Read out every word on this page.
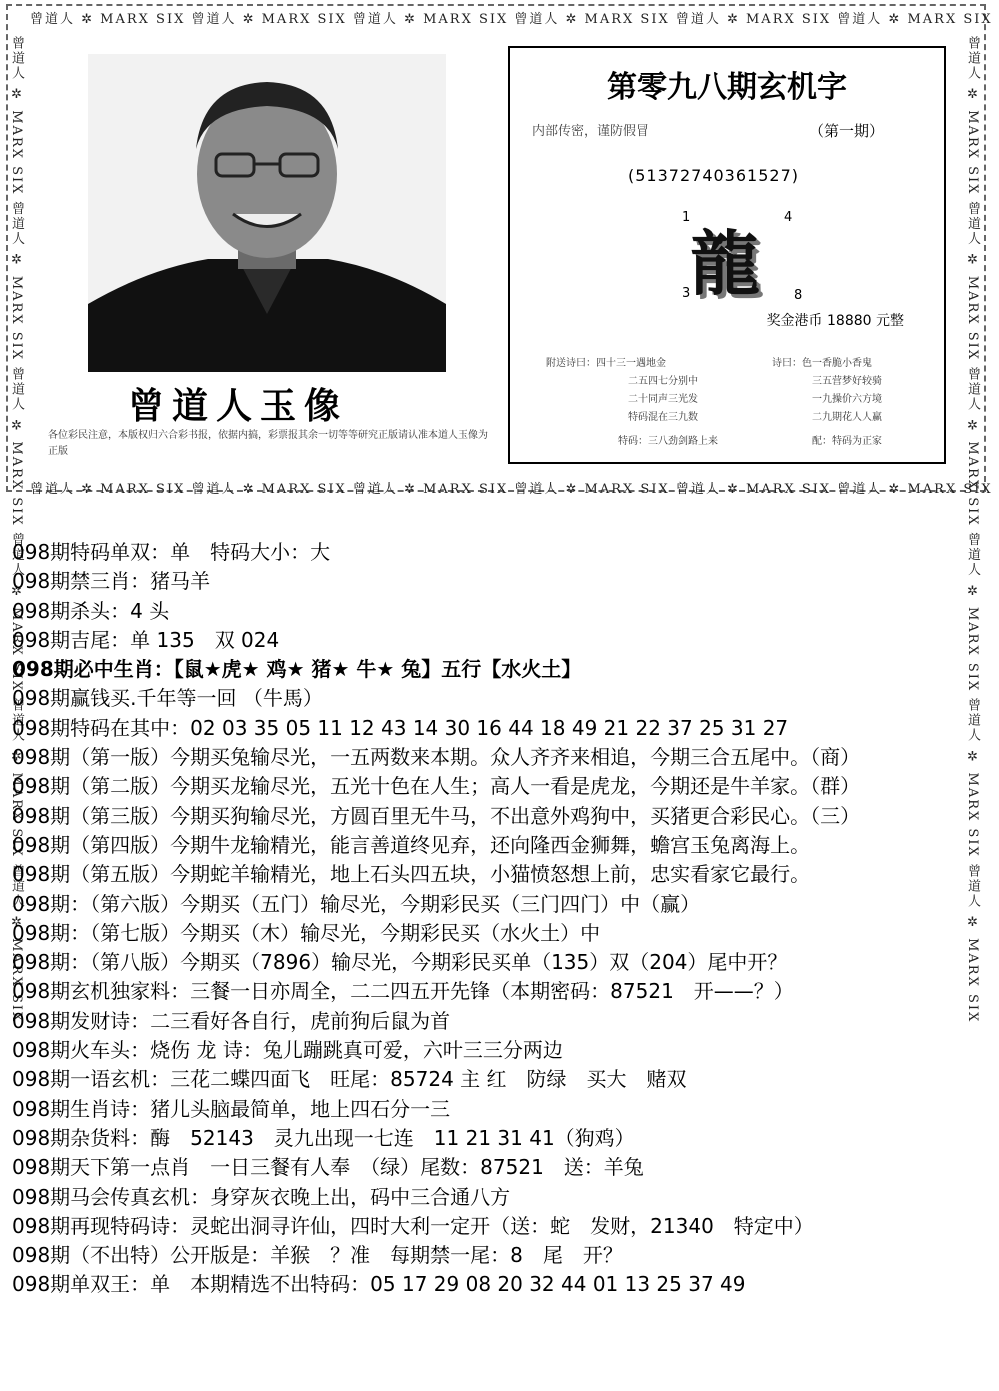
曾道人 ✲ MARX SIX 曾道人 ✲ MARX SIX 曾道人 ✲ MARX SIX 曾道人 ✲ MARX SIX 曾道人 ✲ MARX SIX 曾道人 ✲ MARX SIX
曾道人 ✲ MARX SIX 曾道人 ✲ MARX SIX 曾道人 ✲ MARX SIX 曾道人 ✲ MARX SIX 曾道人 ✲ MARX SIX 曾道人 ✲ MARX SIX
曾道人 ✲ MARX SIX 曾道人 ✲ MARX SIX 曾道人 ✲ MARX SIX 曾道人 ✲ MARX SIX 曾道人 ✲ MARX SIX 曾道人 ✲ MARX SIX	曾道人 ✲ MARX SIX 曾道人 ✲ MARX SIX 曾道人 ✲ MARX SIX 曾道人 ✲ MARX SIX 曾道人 ✲ MARX SIX 曾道人 ✲ MARX SIX
曾道人玉像
各位彩民注意，本版权归六合彩书报，依据内搞，彩票报其余一切等等研究正版请认准本道人玉像为正版
第零九八期玄机字
内部传密，谨防假冒	（第一期）
(51372740361527)
1	4
龍
3	8
奖金港币 18880 元整
附送诗曰：四十三一遇地金	诗曰：色一香脆小香鬼
二五四七分别中	三五营梦好较骑
二十同声三光发	一九操价六方境
特码混在三九数	二九期花人人赢
特码：三八劲剑路上来	配：特码为正家
098期特码单双：单　特码大小：大
098期禁三肖：猪马羊
098期杀头：4 头
098期吉尾：单 135　双 024
098期必中生肖：【鼠★虎★ 鸡★ 猪★ 牛★ 兔】五行【水火土】
098期赢钱买.千年等一回 （牛馬）
098期特码在其中：02 03 35 05 11 12 43 14 30 16 44 18 49 21 22 37 25 31 27
098期（第一版）今期买兔输尽光，一五两数来本期。众人齐齐来相追，今期三合五尾中。（商）
098期（第二版）今期买龙输尽光，五光十色在人生；高人一看是虎龙，今期还是牛羊家。（群）
098期（第三版）今期买狗输尽光，方圆百里无牛马，不出意外鸡狗中，买猪更合彩民心。（三）
098期（第四版）今期牛龙输精光，能言善道终见弃，还向隆西金狮舞，蟾宫玉兔离海上。
098期（第五版）今期蛇羊输精光，地上石头四五块，小猫愤怒想上前，忠实看家它最行。
098期：（第六版）今期买（五门）输尽光，今期彩民买（三门四门）中（赢）
098期：（第七版）今期买（木）输尽光，今期彩民买（水火土）中
098期：（第八版）今期买（7896）输尽光，今期彩民买单（135）双（204）尾中开？
098期玄机独家料：三餐一日亦周全，二二四五开先锋（本期密码：87521　开——？）
098期发财诗：二三看好各自行，虎前狗后鼠为首
098期火车头：烧伤 龙 诗：兔儿蹦跳真可爱，六叶三三分两边
098期一语玄机：三花二蝶四面飞　旺尾：85724 主 红　防绿　买大　赌双
098期生肖诗：猪儿头脑最简单，地上四石分一三
098期杂货料：酶　52143　灵九出现一七连　11 21 31 41（狗鸡）
098期天下第一点肖　一日三餐有人奉　（绿）尾数：87521　送：羊兔
098期马会传真玄机：身穿灰衣晚上出，码中三合通八方
098期再现特码诗：灵蛇出洞寻许仙，四时大利一定开（送：蛇　发财，21340　特定中）
098期（不出特）公开版是：羊猴　？准　每期禁一尾：8　尾　开？
098期单双王：单　本期精选不出特码：05 17 29 08 20 32 44 01 13 25 37 49
